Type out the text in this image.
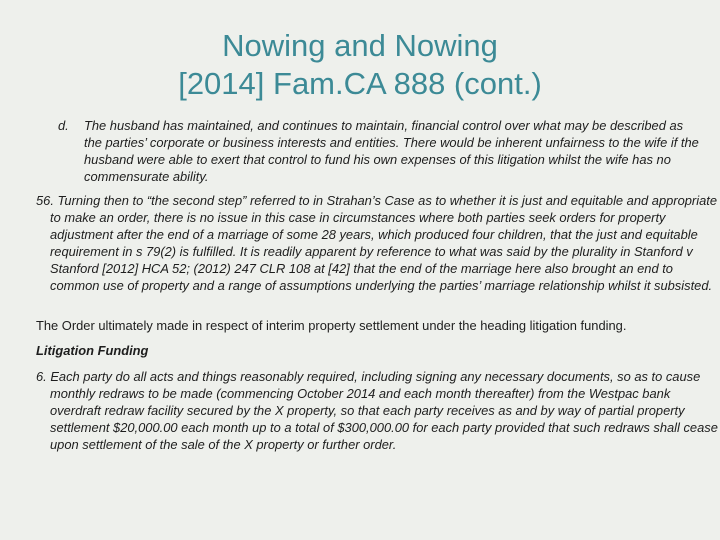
Nowing and Nowing
[2014] Fam.CA 888 (cont.)
d. The husband has maintained, and continues to maintain, financial control over what may be described as the parties’ corporate or business interests and entities. There would be inherent unfairness to the wife if the husband were able to exert that control to fund his own expenses of this litigation whilst the wife has no commensurate ability.
56. Turning then to “the second step” referred to in Strahan’s Case as to whether it is just and equitable and appropriate to make an order, there is no issue in this case in circumstances where both parties seek orders for property adjustment after the end of a marriage of some 28 years, which produced four children, that the just and equitable requirement in s 79(2) is fulfilled. It is readily apparent by reference to what was said by the plurality in Stanford v Stanford [2012] HCA 52; (2012) 247 CLR 108 at [42] that the end of the marriage here also brought an end to common use of property and a range of assumptions underlying the parties’ marriage relationship whilst it subsisted.
The Order ultimately made in respect of interim property settlement under the heading litigation funding.
Litigation Funding
6. Each party do all acts and things reasonably required, including signing any necessary documents, so as to cause monthly redraws to be made (commencing October 2014 and each month thereafter) from the Westpac bank overdraft redraw facility secured by the X property, so that each party receives as and by way of partial property settlement $20,000.00 each month up to a total of $300,000.00 for each party provided that such redraws shall cease upon settlement of the sale of the X property or further order.
